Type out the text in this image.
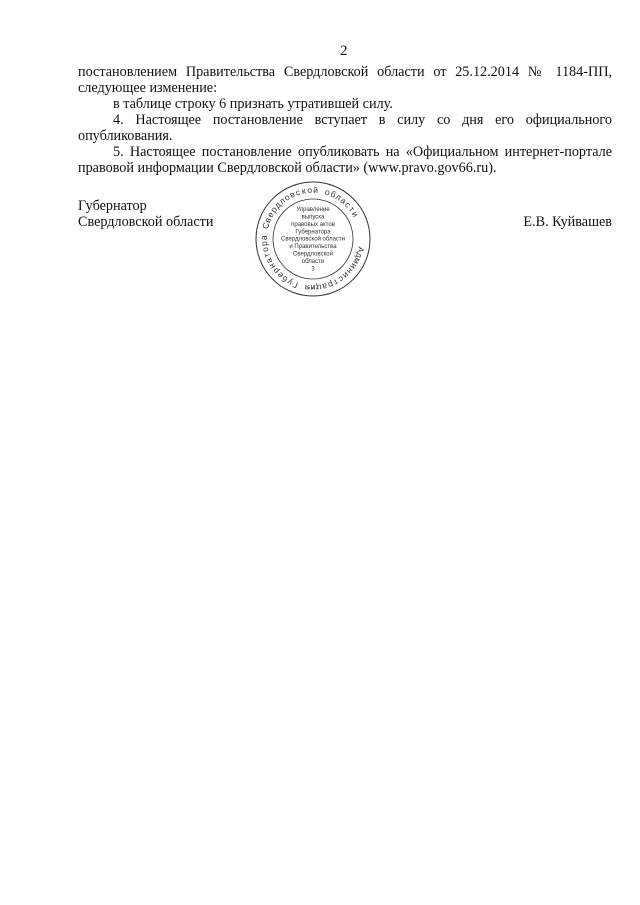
2

постановлением Правительства Свердловской области от 25.12.2014 № 1184-ПП,

следующее изменение:

в таблице строку 6 признать утратившей силу.

4. Настоящее постановление вступает в силу со дня его официального

опубликования.

5. Настоящее постановление опубликовать на «Официальном интернет-портале

правовой информации Свердловской области» (www.pravo.gov66.ru).

Губернатор
Свердловской области	Е.В. Куйвашев
